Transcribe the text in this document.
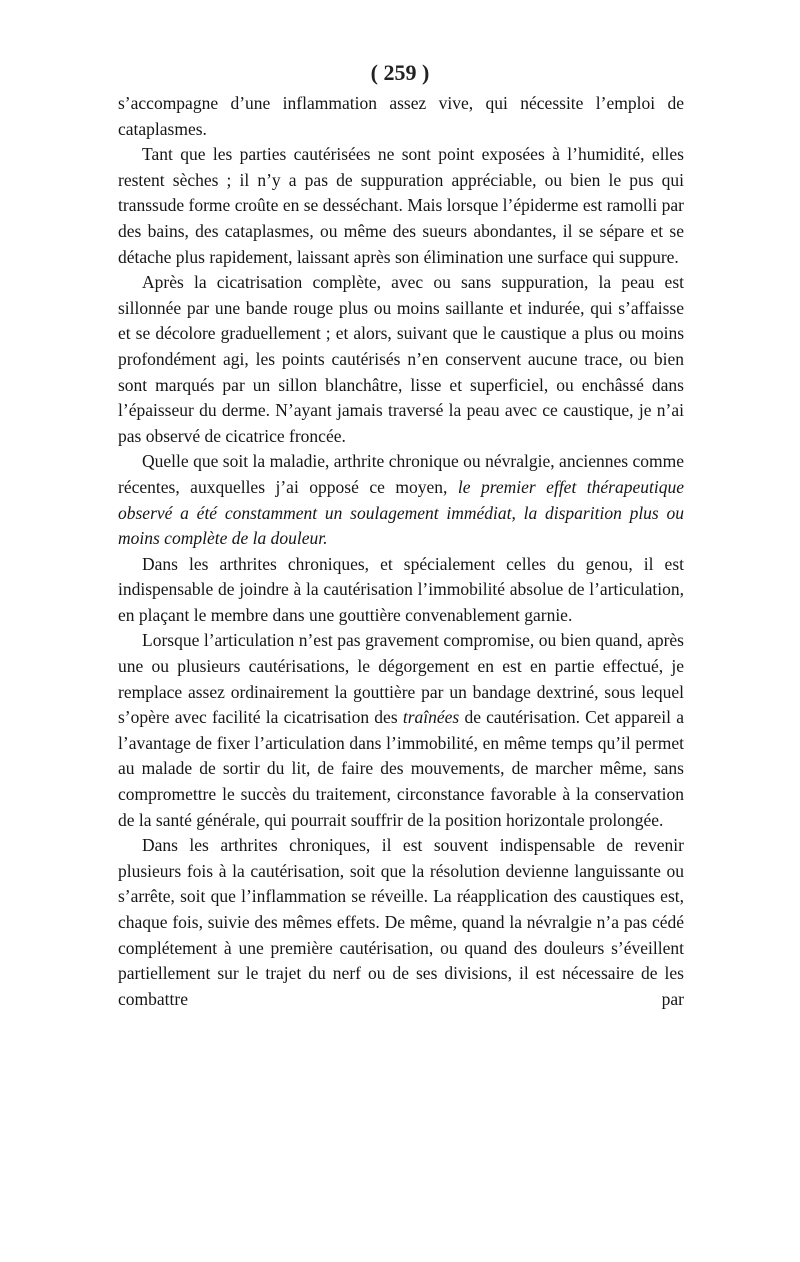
( 259 )

s’accompagne d’une inflammation assez vive, qui nécessite l’emploi de cataplasmes.

Tant que les parties cautérisées ne sont point exposées à l’humidité, elles restent sèches ; il n’y a pas de suppuration appréciable, ou bien le pus qui transsude forme croûte en se desséchant. Mais lorsque l’épiderme est ramolli par des bains, des cataplasmes, ou même des sueurs abondantes, il se sépare et se détache plus rapidement, laissant après son élimination une surface qui suppure.

Après la cicatrisation complète, avec ou sans suppuration, la peau est sillonnée par une bande rouge plus ou moins saillante et indurée, qui s’affaisse et se décolore graduellement ; et alors, suivant que le caustique a plus ou moins profondément agi, les points cautérisés n’en conservent aucune trace, ou bien sont marqués par un sillon blanchâtre, lisse et superficiel, ou enchâssé dans l’épaisseur du derme. N’ayant jamais traversé la peau avec ce caustique, je n’ai pas observé de cicatrice froncée.

Quelle que soit la maladie, arthrite chronique ou névralgie, anciennes comme récentes, auxquelles j’ai opposé ce moyen, le premier effet thérapeutique observé a été constamment un soulagement immédiat, la disparition plus ou moins complète de la douleur.

Dans les arthrites chroniques, et spécialement celles du genou, il est indispensable de joindre à la cautérisation l’immobilité absolue de l’articulation, en plaçant le membre dans une gouttière convenablement garnie.

Lorsque l’articulation n’est pas gravement compromise, ou bien quand, après une ou plusieurs cautérisations, le dégorgement en est en partie effectué, je remplace assez ordinairement la gouttière par un bandage dextriné, sous lequel s’opère avec facilité la cicatrisation des traînées de cautérisation. Cet appareil a l’avantage de fixer l’articulation dans l’immobilité, en même temps qu’il permet au malade de sortir du lit, de faire des mouvements, de marcher même, sans compromettre le succès du traitement, circonstance favorable à la conservation de la santé générale, qui pourrait souffrir de la position horizontale prolongée.

Dans les arthrites chroniques, il est souvent indispensable de revenir plusieurs fois à la cautérisation, soit que la résolution devienne languissante ou s’arrête, soit que l’inflammation se réveille. La réapplication des caustiques est, chaque fois, suivie des mêmes effets. De même, quand la névralgie n’a pas cédé complétement à une première cautérisation, ou quand des douleurs s’éveillent partiellement sur le trajet du nerf ou de ses divisions, il est nécessaire de les combattre par
